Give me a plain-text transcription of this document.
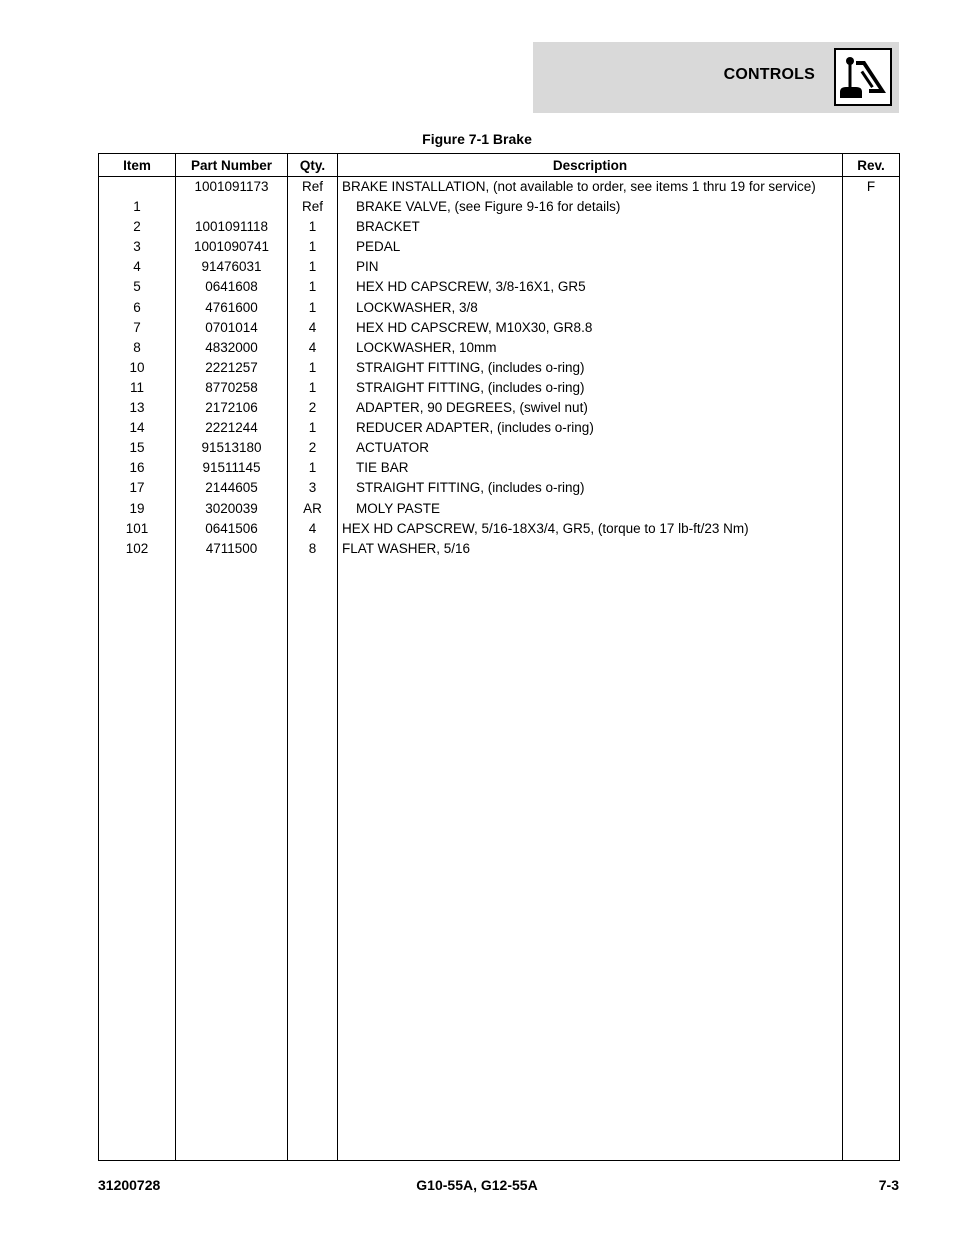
CONTROLS
Figure 7-1 Brake
Item	Part Number	Qty.	Description	Rev.
	1001091173	Ref	BRAKE INSTALLATION, (not available to order, see items 1 thru 19 for service)	F
1		Ref	BRAKE VALVE, (see Figure 9-16 for details)	
2	1001091118	1	BRACKET	
3	1001090741	1	PEDAL	
4	91476031	1	PIN	
5	0641608	1	HEX HD CAPSCREW, 3/8-16X1, GR5	
6	4761600	1	LOCKWASHER, 3/8	
7	0701014	4	HEX HD CAPSCREW, M10X30, GR8.8	
8	4832000	4	LOCKWASHER, 10mm	
10	2221257	1	STRAIGHT FITTING, (includes o-ring)	
11	8770258	1	STRAIGHT FITTING, (includes o-ring)	
13	2172106	2	ADAPTER, 90 DEGREES, (swivel nut)	
14	2221244	1	REDUCER ADAPTER, (includes o-ring)	
15	91513180	2	ACTUATOR	
16	91511145	1	TIE BAR	
17	2144605	3	STRAIGHT FITTING, (includes o-ring)	
19	3020039	AR	MOLY PASTE	
101	0641506	4	HEX HD CAPSCREW, 5/16-18X3/4, GR5, (torque to 17 lb-ft/23 Nm)	
102	4711500	8	FLAT WASHER, 5/16	

31200728	G10-55A, G12-55A	7-3
